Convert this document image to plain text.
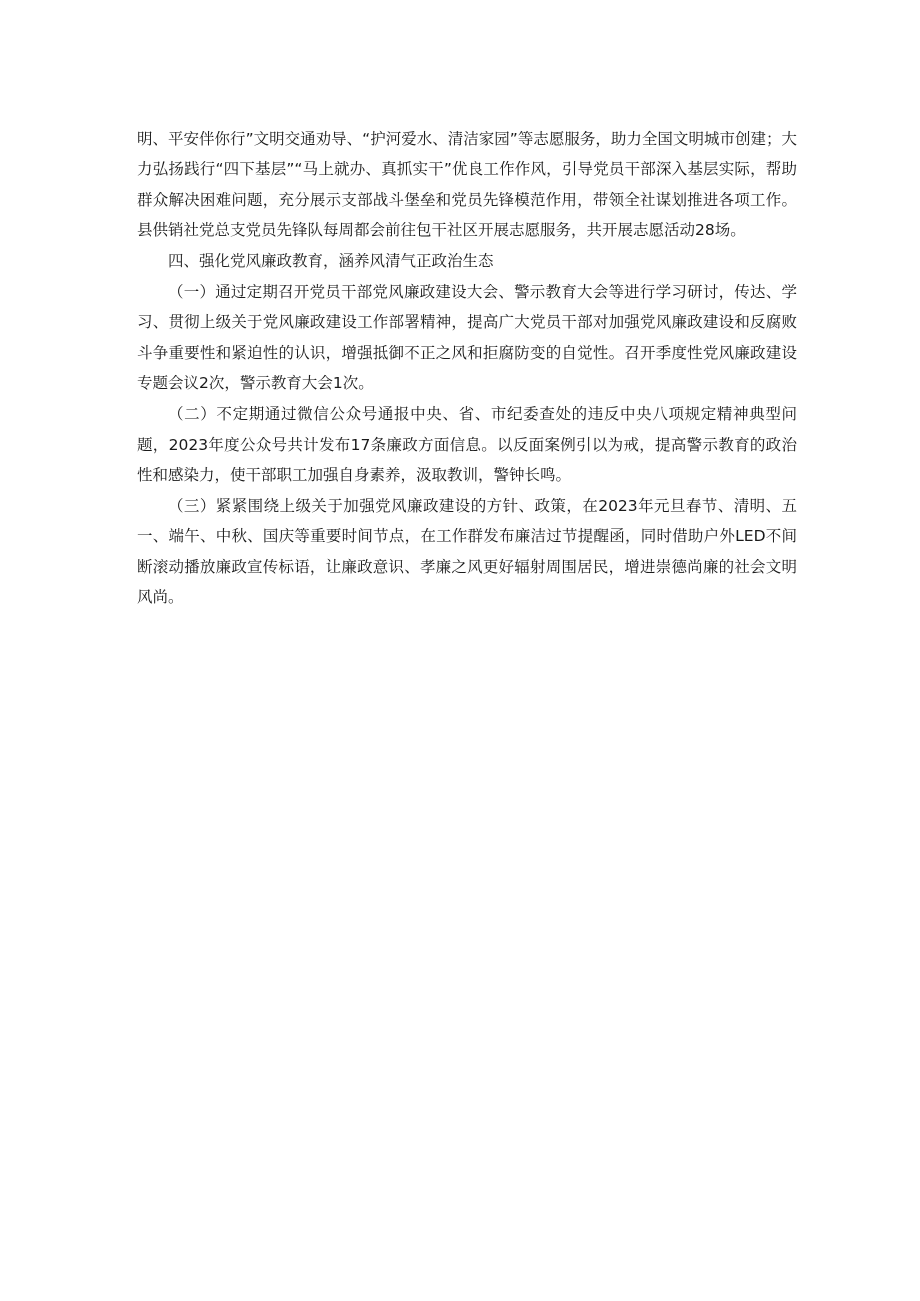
明、平安伴你行”文明交通劝导、“护河爱水、清洁家园”等志愿服务，助力全国文明城市创建；大力弘扬践行“四下基层”“马上就办、真抓实干”优良工作作风，引导党员干部深入基层实际，帮助群众解决困难问题，充分展示支部战斗堡垒和党员先锋模范作用，带领全社谋划推进各项工作。县供销社党总支党员先锋队每周都会前往包干社区开展志愿服务，共开展志愿活动28场。

四、强化党风廉政教育，涵养风清气正政治生态

（一）通过定期召开党员干部党风廉政建设大会、警示教育大会等进行学习研讨，传达、学习、贯彻上级关于党风廉政建设工作部署精神，提高广大党员干部对加强党风廉政建设和反腐败斗争重要性和紧迫性的认识，增强抵御不正之风和拒腐防变的自觉性。召开季度性党风廉政建设专题会议2次，警示教育大会1次。

（二）不定期通过微信公众号通报中央、省、市纪委查处的违反中央八项规定精神典型问题，2023年度公众号共计发布17条廉政方面信息。以反面案例引以为戒，提高警示教育的政治性和感染力，使干部职工加强自身素养，汲取教训，警钟长鸣。

（三）紧紧围绕上级关于加强党风廉政建设的方针、政策，在2023年元旦春节、清明、五一、端午、中秋、国庆等重要时间节点，在工作群发布廉洁过节提醒函，同时借助户外LED不间断滚动播放廉政宣传标语，让廉政意识、孝廉之风更好辐射周围居民，增进崇德尚廉的社会文明风尚。
